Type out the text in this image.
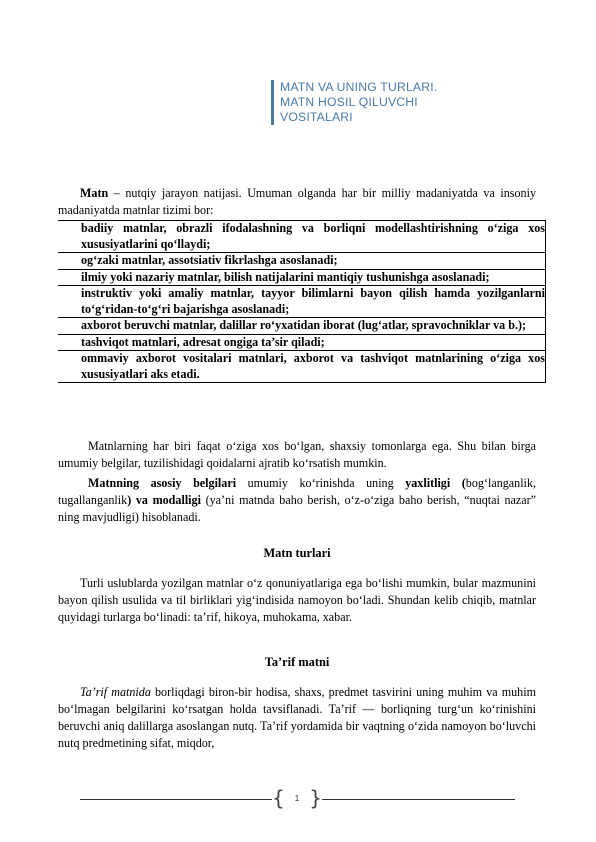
MATN VA UNING TURLARI.
MATN HOSIL QILUVCHI
VOSITALARI

Matn – nutqiy jarayon natijasi. Umuman olganda har bir milliy madaniyatda va insoniy madaniyatda matnlar tizimi bor:

	badiiy matnlar, obrazli ifodalashning va borliqni modellashtirishning o‘ziga xos xususiyatlarini qo‘llaydi;
	og‘zaki matnlar, assotsiativ fikrlashga asoslanadi;
	ilmiy yoki nazariy matnlar, bilish natijalarini mantiqiy tushunishga asoslanadi;
	instruktiv yoki amaliy matnlar, tayyor bilimlarni bayon qilish hamda yozilganlarni to‘g‘ridan-to‘g‘ri bajarishga asoslanadi;
	axborot beruvchi matnlar, dalillar ro‘yxatidan iborat (lug‘atlar, spravochniklar va b.);
	tashviqot matnlari, adresat ongiga ta’sir qiladi;
	ommaviy axborot vositalari matnlari, axborot va tashviqot matnlarining o‘ziga xos xususiyatlari aks etadi.

Matnlarning har biri faqat o‘ziga xos bo‘lgan, shaxsiy tomonlarga ega. Shu bilan birga umumiy belgilar, tuzilishidagi qoidalarni ajratib ko‘rsatish mumkin.

Matnning asosiy belgilari umumiy ko‘rinishda uning yaxlitligi (bog‘langanlik, tugallanganlik) va modalligi (ya’ni matnda baho berish, o‘z-o‘ziga baho berish, “nuqtai nazar” ning mavjudligi) hisoblanadi.

Matn turlari

Turli uslublarda yozilgan matnlar o‘z qonuniyatlariga ega bo‘lishi mumkin, bular mazmunini bayon qilish usulida va til birliklari yig‘indisida namoyon bo‘ladi. Shundan kelib chiqib, matnlar quyidagi turlarga bo‘linadi: ta’rif, hikoya, muhokama, xabar.

Ta’rif matni

Ta’rif matnida borliqdagi biron-bir hodisa, shaxs, predmet tasvirini uning muhim va muhim bo‘lmagan belgilarini ko‘rsatgan holda tavsiflanadi. Ta’rif — borliqning turg‘un ko‘rinishini beruvchi aniq dalillarga asoslangan nutq. Ta’rif yordamida bir vaqtning o‘zida namoyon bo‘luvchi nutq predmetining sifat, miqdor,

{ 1 }
